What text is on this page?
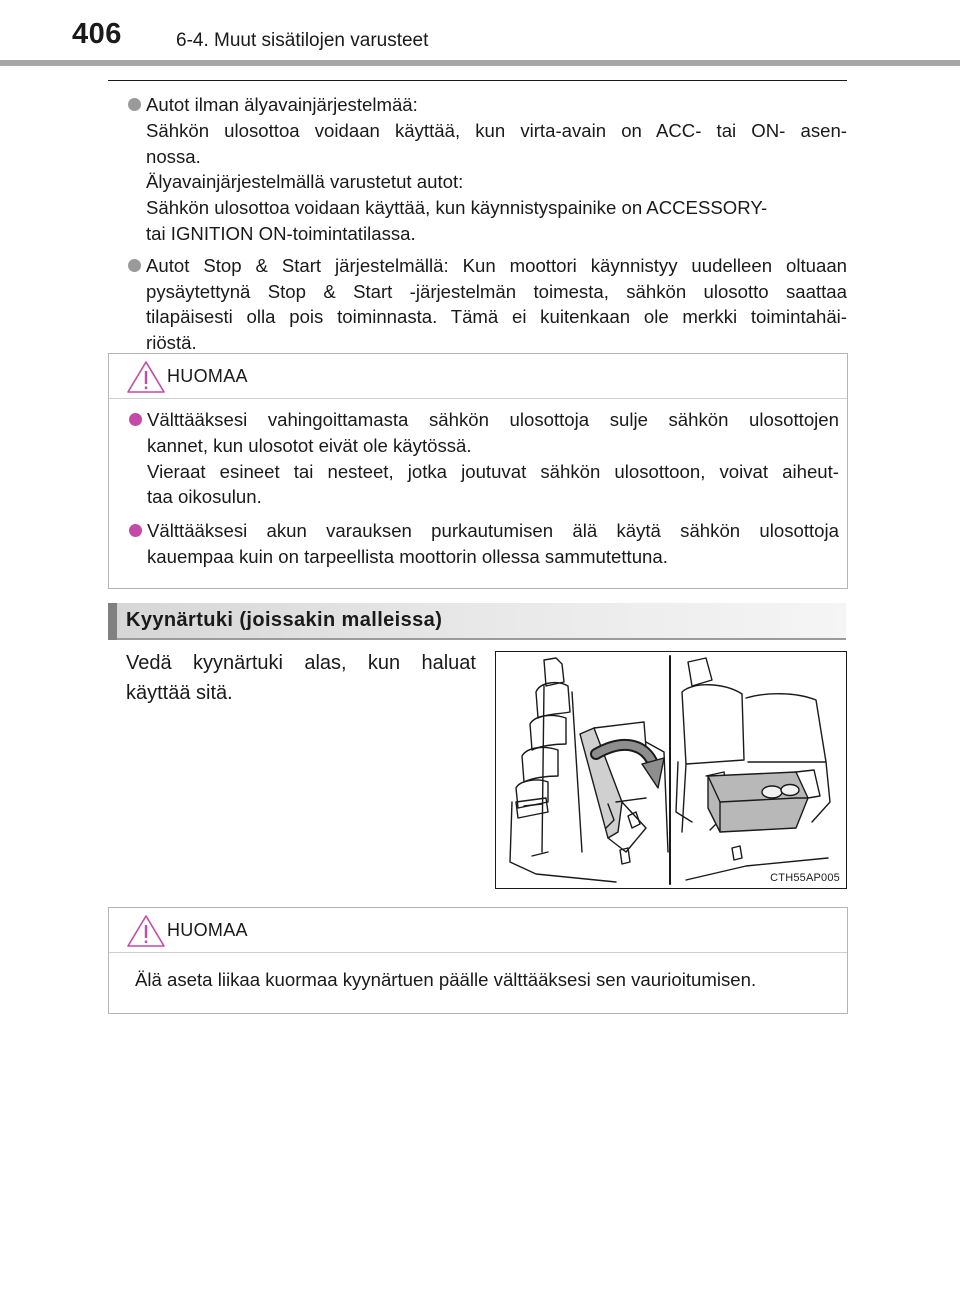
406	6-4. Muut sisätilojen varusteet
Autot ilman älyavainjärjestelmää:
Sähkön ulosottoa voidaan käyttää, kun virta-avain on ACC- tai ON- asen-
nossa.
Älyavainjärjestelmällä varustetut autot:
Sähkön ulosottoa voidaan käyttää, kun käynnistyspainike on ACCESSORY-
tai IGNITION ON-toimintatilassa.
Autot Stop & Start järjestelmällä: Kun moottori käynnistyy uudelleen oltuaan
pysäytettynä Stop & Start -järjestelmän toimesta, sähkön ulosotto saattaa
tilapäisesti olla pois toiminnasta. Tämä ei kuitenkaan ole merkki toimintahäi-
riöstä.
HUOMAA
Välttääksesi vahingoittamasta sähkön ulosottoja sulje sähkön ulosottojen
kannet, kun ulosotot eivät ole käytössä.
Vieraat esineet tai nesteet, jotka joutuvat sähkön ulosottoon, voivat aiheut-
taa oikosulun.
Välttääksesi akun varauksen purkautumisen älä käytä sähkön ulosottoja
kauempaa kuin on tarpeellista moottorin ollessa sammutettuna.
Kyynärtuki (joissakin malleissa)
Vedä kyynärtuki alas, kun haluat
käyttää sitä.
CTH55AP005
HUOMAA
Älä aseta liikaa kuormaa kyynärtuen päälle välttääksesi sen vaurioitumisen.
